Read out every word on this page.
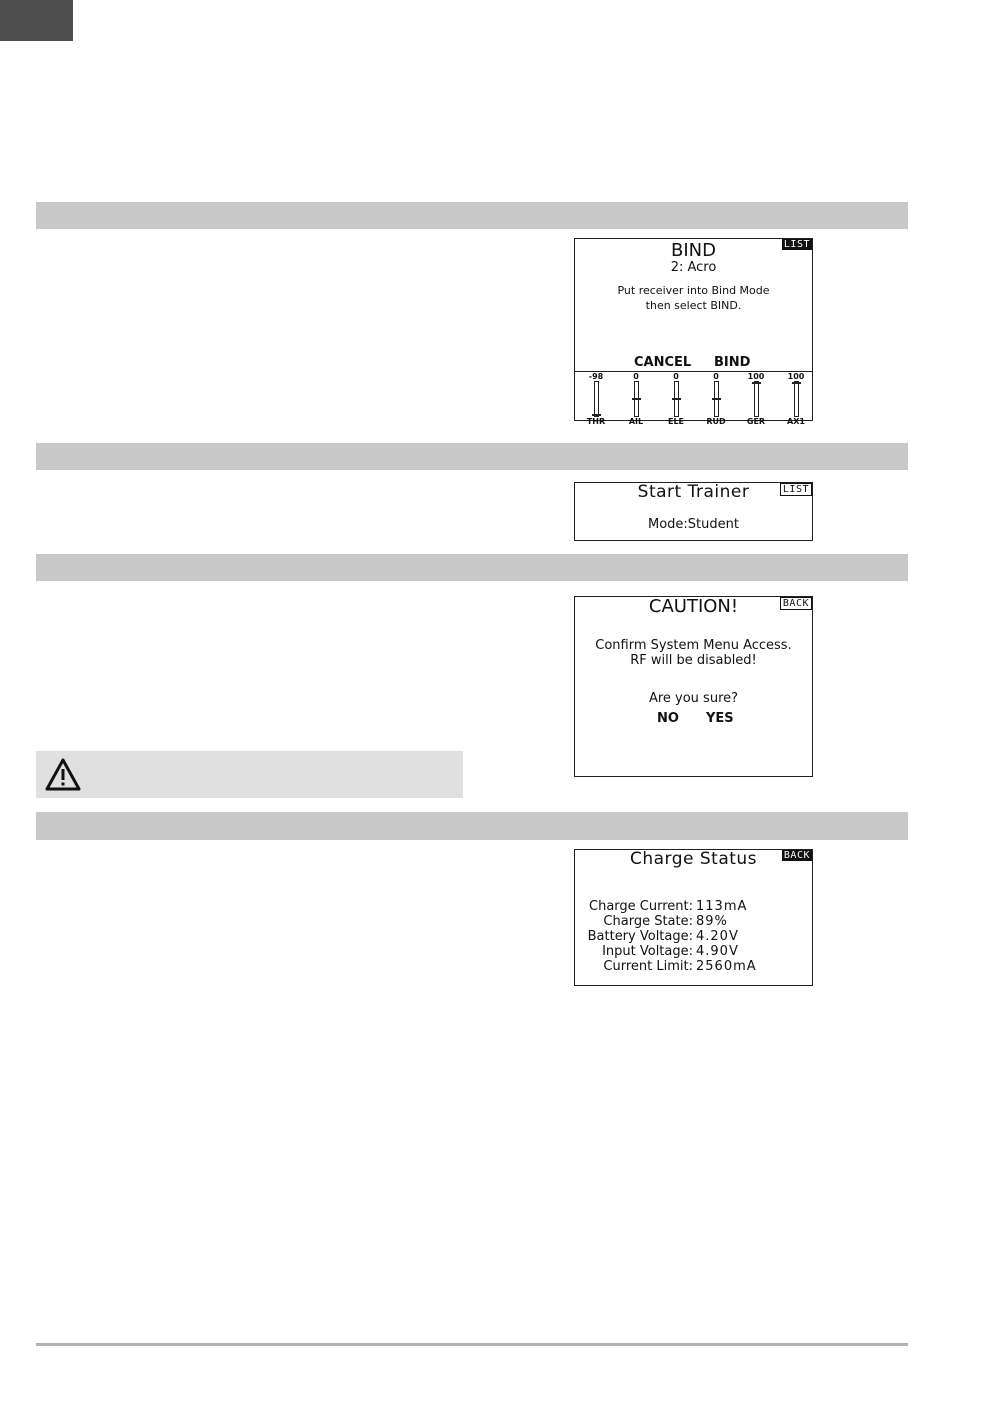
LIST
BIND
2: Acro
Put receiver into Bind Mode
then select BIND.
CANCEL BIND
-98
THR
0
AIL
0
ELE
0
RUD
100
GER
100
AX1
LIST
Start Trainer
Mode:Student
BACK
CAUTION!
Confirm System Menu Access.
RF will be disabled!
Are you sure?
NO YES
BACK
Charge Status
Charge Current: 113mA
Charge State: 89%
Battery Voltage: 4.20V
Input Voltage: 4.90V
Current Limit: 2560mA
